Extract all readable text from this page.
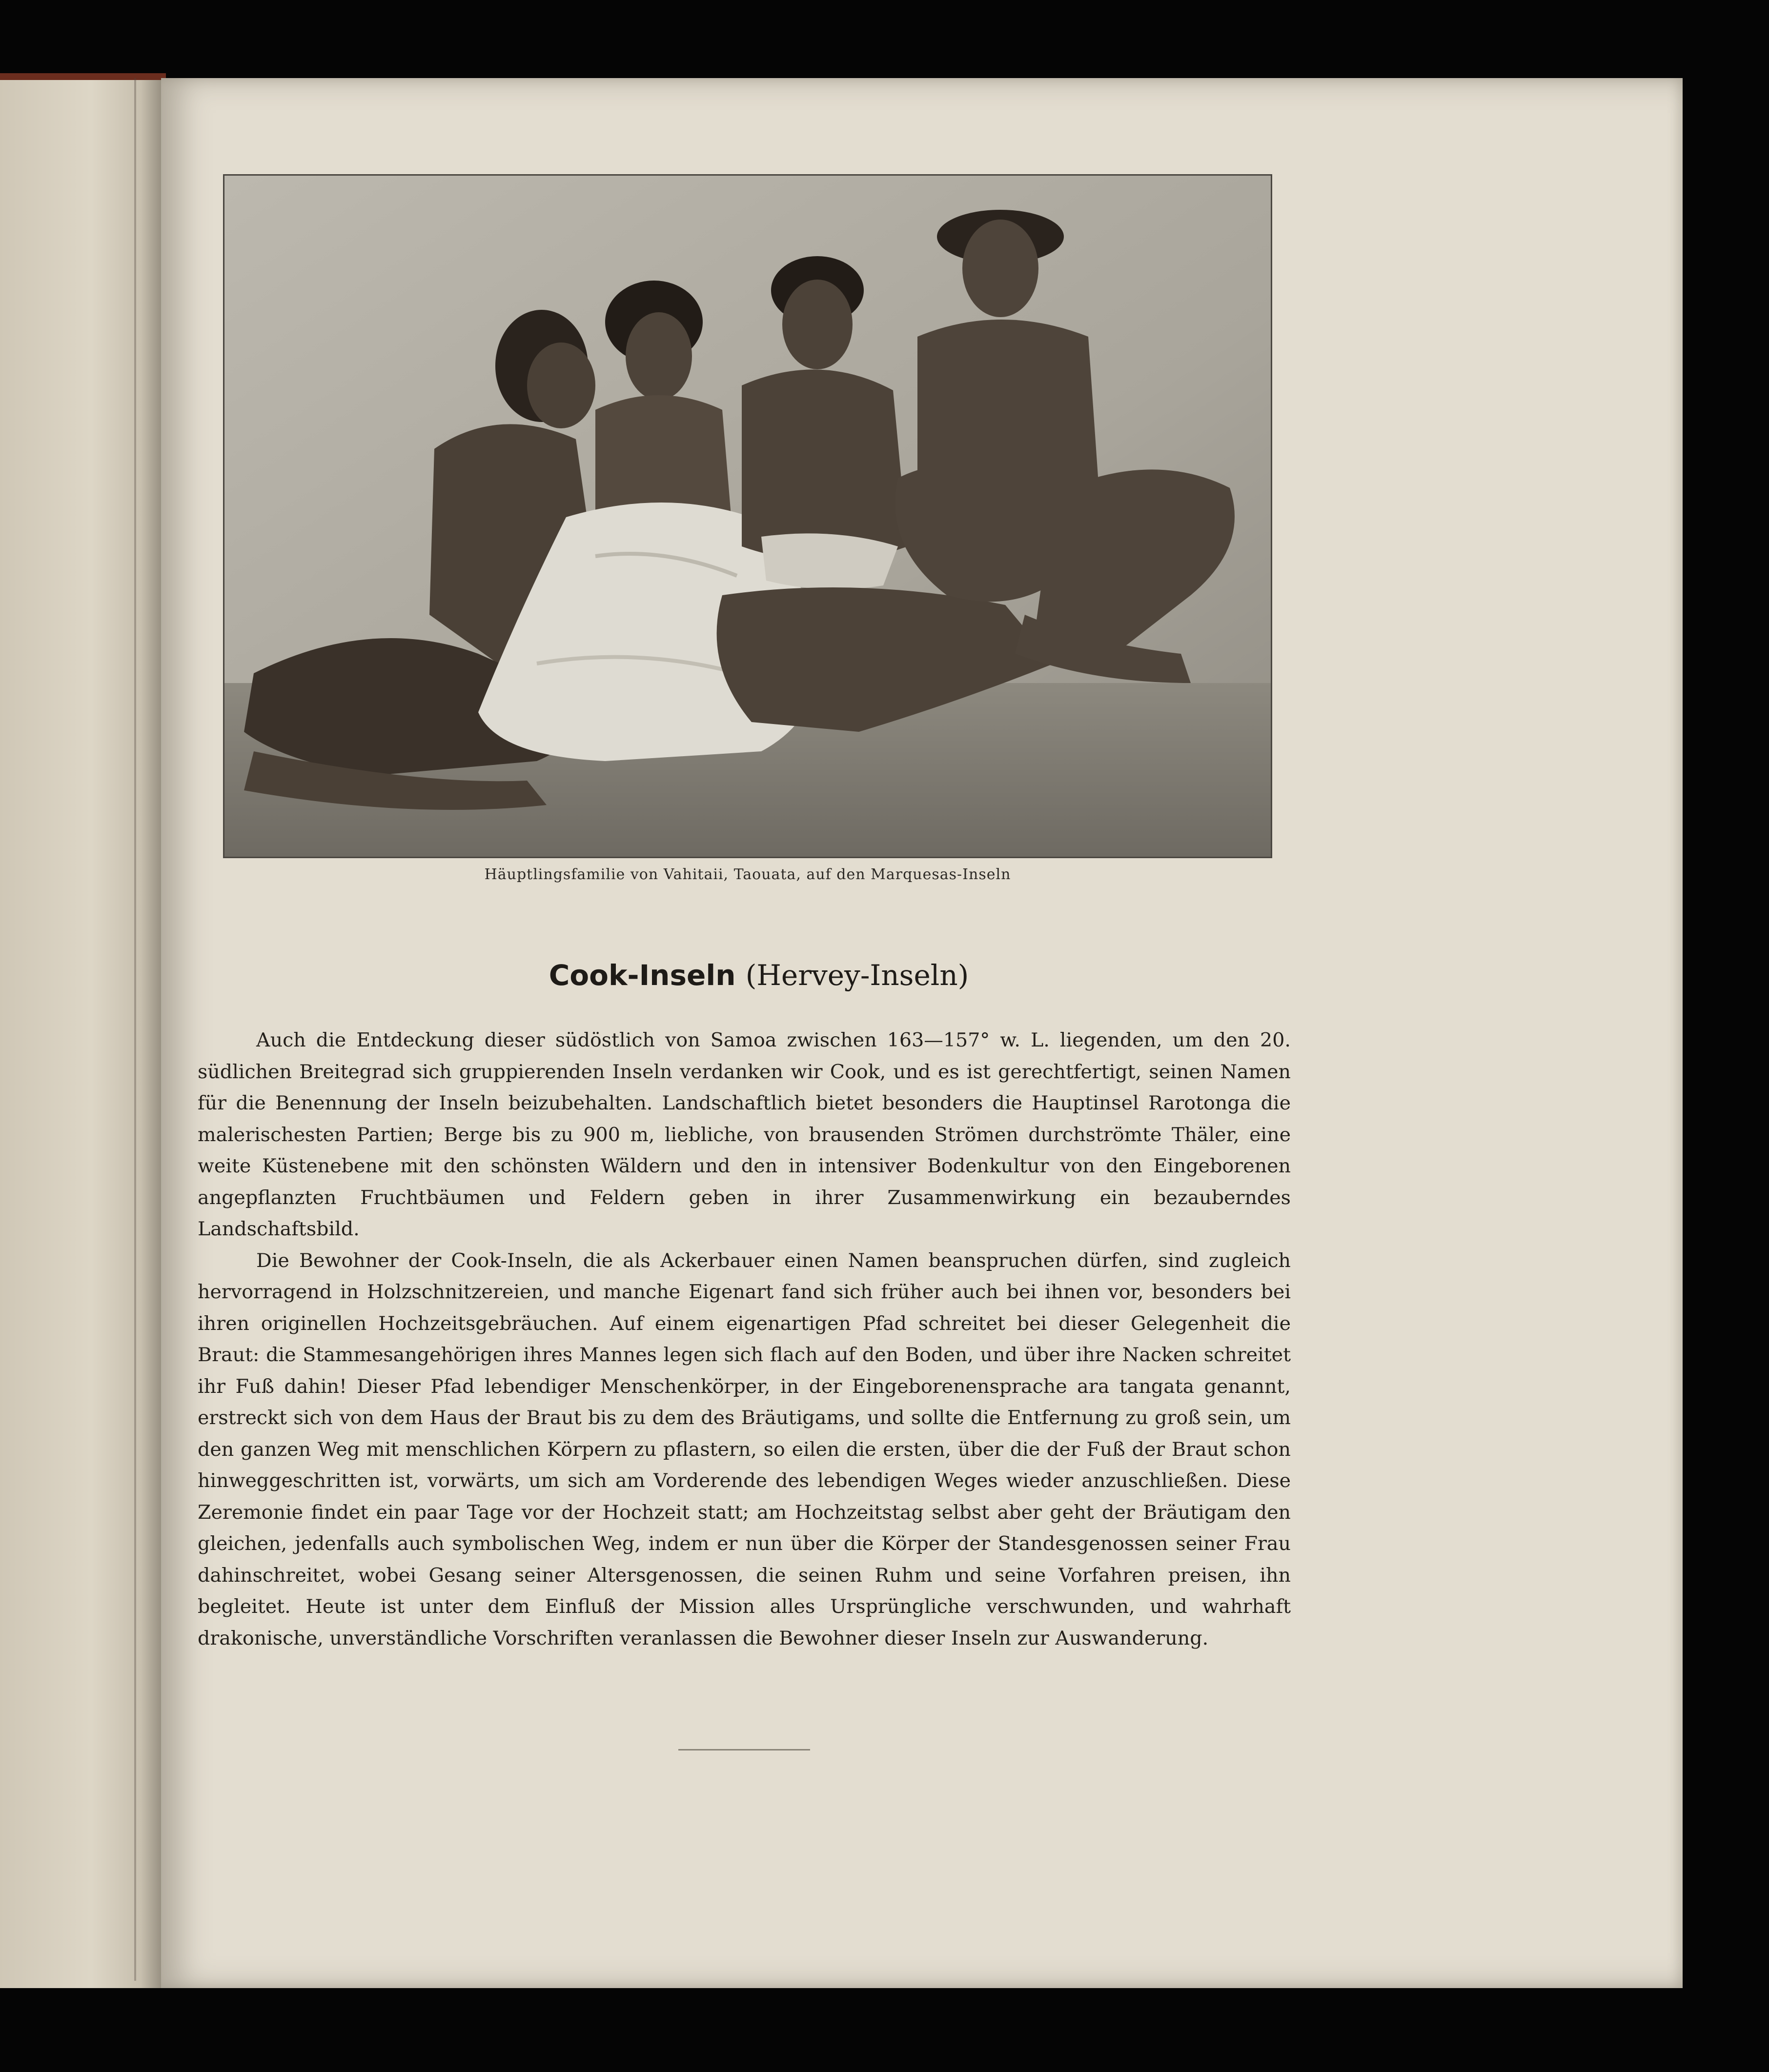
Häuptlingsfamilie von Vahitaii, Taouata, auf den Marquesas-Inseln
Cook-Inseln (Hervey-Inseln)

Auch die Entdeckung dieser südöstlich von Samoa zwischen 163—157° w. L. liegenden, um den 20. südlichen Breitegrad sich gruppierenden Inseln verdanken wir Cook, und es ist gerechtfertigt, seinen Namen für die Benennung der Inseln beizubehalten. Landschaftlich bietet besonders die Hauptinsel Rarotonga die malerischesten Partien; Berge bis zu 900 m, liebliche, von brausenden Strömen durchströmte Thäler, eine weite Küstenebene mit den schönsten Wäldern und den in intensiver Bodenkultur von den Eingeborenen angepflanzten Fruchtbäumen und Feldern geben in ihrer Zusammenwirkung ein bezauberndes Landschaftsbild.

Die Bewohner der Cook-Inseln, die als Ackerbauer einen Namen beanspruchen dürfen, sind zugleich hervorragend in Holzschnitzereien, und manche Eigenart fand sich früher auch bei ihnen vor, besonders bei ihren originellen Hochzeitsgebräuchen. Auf einem eigenartigen Pfad schreitet bei dieser Gelegenheit die Braut: die Stammesangehörigen ihres Mannes legen sich flach auf den Boden, und über ihre Nacken schreitet ihr Fuß dahin! Dieser Pfad lebendiger Menschenkörper, in der Eingeborenensprache ara tangata genannt, erstreckt sich von dem Haus der Braut bis zu dem des Bräutigams, und sollte die Entfernung zu groß sein, um den ganzen Weg mit menschlichen Körpern zu pflastern, so eilen die ersten, über die der Fuß der Braut schon hinweggeschritten ist, vorwärts, um sich am Vorderende des lebendigen Weges wieder anzuschließen. Diese Zeremonie findet ein paar Tage vor der Hochzeit statt; am Hochzeitstag selbst aber geht der Bräutigam den gleichen, jedenfalls auch symbolischen Weg, indem er nun über die Körper der Standesgenossen seiner Frau dahinschreitet, wobei Gesang seiner Altersgenossen, die seinen Ruhm und seine Vorfahren preisen, ihn begleitet. Heute ist unter dem Einfluß der Mission alles Ursprüngliche verschwunden, und wahrhaft drakonische, unverständliche Vorschriften veranlassen die Bewohner dieser Inseln zur Auswanderung.
